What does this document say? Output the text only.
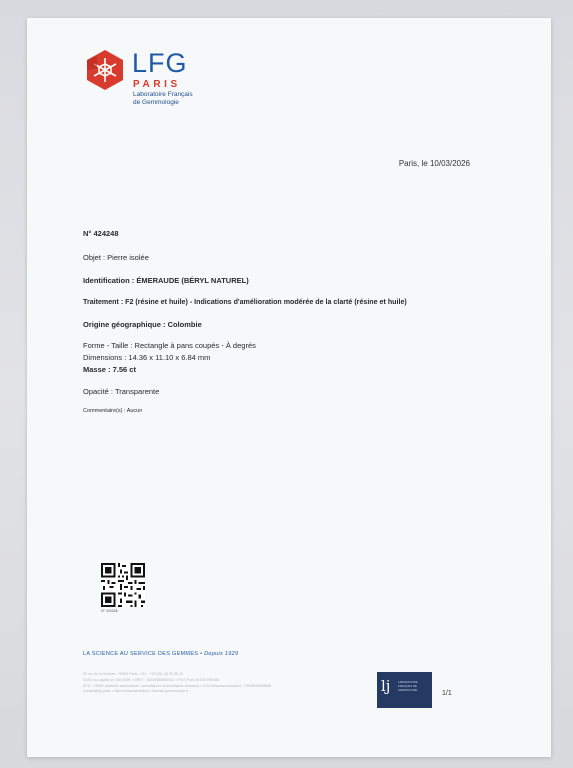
LFG
PARIS
Laboratoire Français
de Gemmologie
Paris, le 10/03/2026
N° 424248
Objet : Pierre isolée
Identification : ÉMERAUDE (BÉRYL NATUREL)
Traitement : F2 (résine et huile) - Indications d'amélioration modérée de la clarté (résine et huile)
Origine géographique : Colombie
Forme - Taille : Rectangle à pans coupés - À degrés
Dimensions : 14.36 x 11.10 x 6.84 mm
Masse : 7.56 ct
Opacité : Transparente
Commentaire(s) : Aucun
N° 424248
LA SCIENCE AU SERVICE DES GEMMES • Depuis 1929
30 rue de la Victoire • 75009 Paris • Tél. : +33 (0)1 40 34 35 45
SASU au capital de 100 000€ • SIRET : 82659868800012 • RCS Paris B 826 598 688
APE : 7490B (activités spécialisées, scientifiques et techniques diverses) • TVA intracommunautaire : FR08826598688
contact@lfg.paris • https://www.laboratoire-francais-gemmologie.fr	lj	LABORATOIRE FRANÇAIS DE GEMMOLOGIE	1/1
